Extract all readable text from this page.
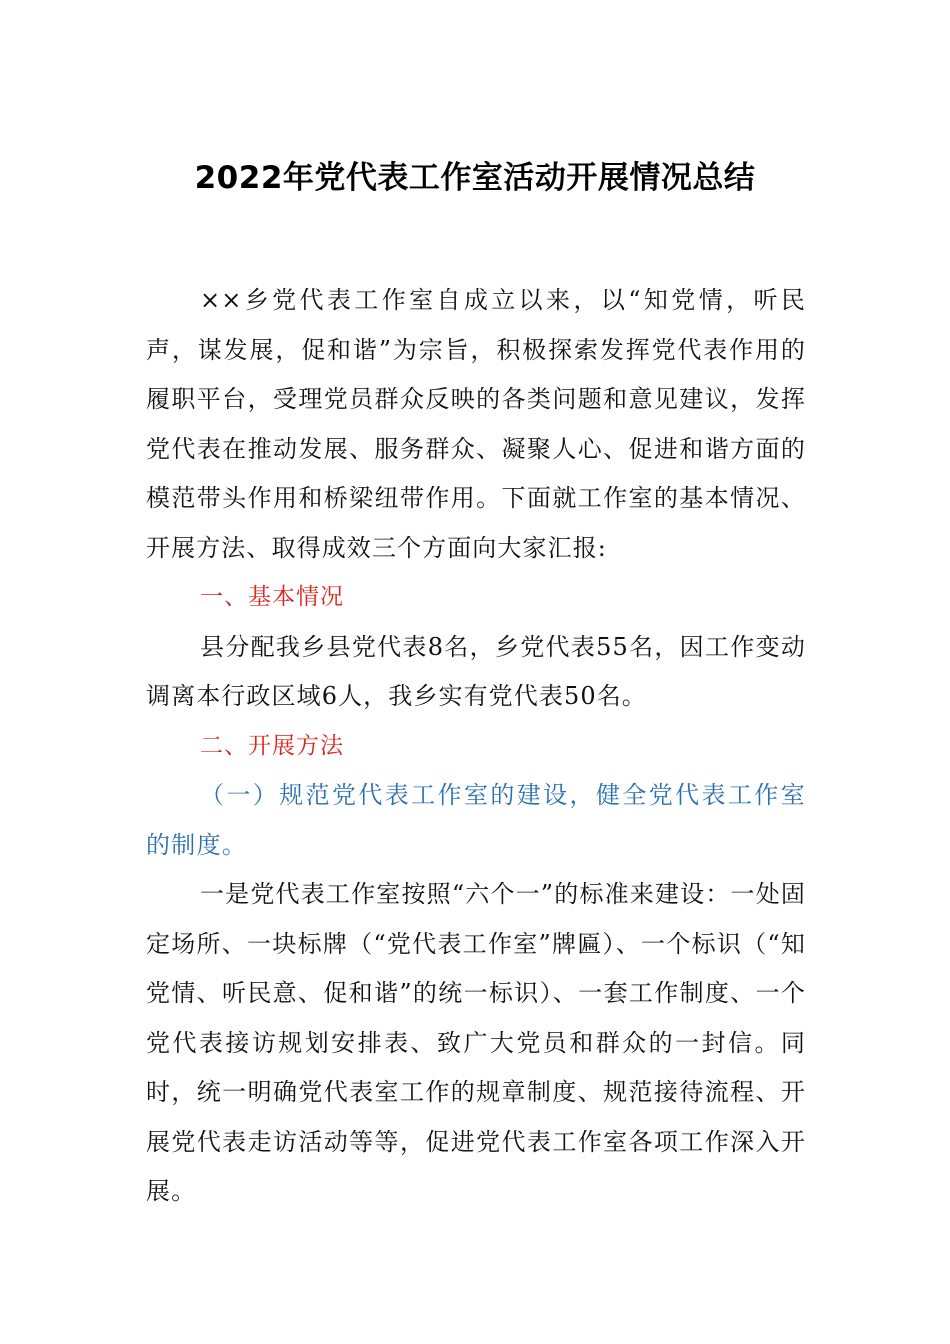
2022年党代表工作室活动开展情况总结

××乡党代表工作室自成立以来，以“知党情，听民声，谋发展，促和谐”为宗旨，积极探索发挥党代表作用的履职平台，受理党员群众反映的各类问题和意见建议，发挥党代表在推动发展、服务群众、凝聚人心、促进和谐方面的模范带头作用和桥梁纽带作用。下面就工作室的基本情况、开展方法、取得成效三个方面向大家汇报:

一、基本情况

县分配我乡县党代表8名，乡党代表55名，因工作变动调离本行政区域6人，我乡实有党代表50名。

二、开展方法

（一）规范党代表工作室的建设，健全党代表工作室的制度。

一是党代表工作室按照“六个一”的标准来建设：一处固定场所、一块标牌（“党代表工作室”牌匾）、一个标识（“知党情、听民意、促和谐”的统一标识）、一套工作制度、一个党代表接访规划安排表、致广大党员和群众的一封信。同时，统一明确党代表室工作的规章制度、规范接待流程、开展党代表走访活动等等，促进党代表工作室各项工作深入开展。
